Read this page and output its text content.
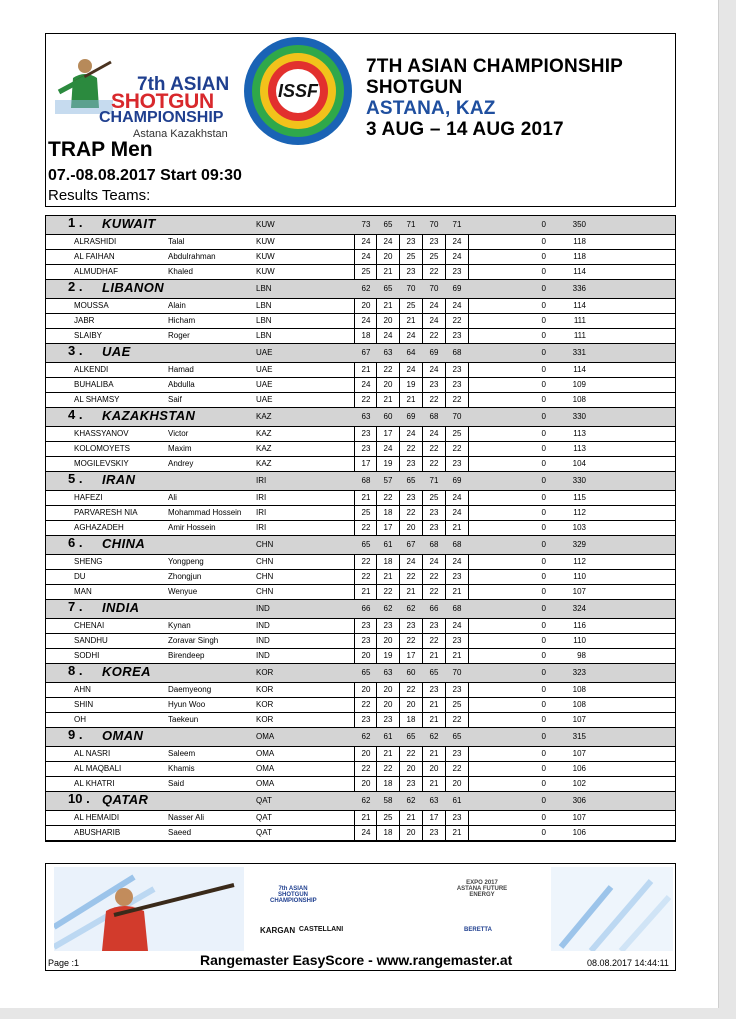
7th ASIAN
SHOTGUN
CHAMPIONSHIP
Astana Kazakhstan
ISSF
7TH ASIAN CHAMPIONSHIP
SHOTGUN
ASTANA, KAZ
3 AUG – 14 AUG 2017
TRAP Men
07.-08.08.2017 Start 09:30
Results Teams:
1 . KUWAIT	KUW	73	65	71	70	71	0	350
ALRASHIDI	Talal	KUW	24	24	23	23	24	0	118
AL FAIHAN	Abdulrahman	KUW	24	20	25	25	24	0	118
ALMUDHAF	Khaled	KUW	25	21	23	22	23	0	114
2 . LIBANON	LBN	62	65	70	70	69	0	336
MOUSSA	Alain	LBN	20	21	25	24	24	0	114
JABR	Hicham	LBN	24	20	21	24	22	0	111
SLAIBY	Roger	LBN	18	24	24	22	23	0	111
3 . UAE	UAE	67	63	64	69	68	0	331
ALKENDI	Hamad	UAE	21	22	24	24	23	0	114
BUHALIBA	Abdulla	UAE	24	20	19	23	23	0	109
AL SHAMSY	Saif	UAE	22	21	21	22	22	0	108
4 . KAZAKHSTAN	KAZ	63	60	69	68	70	0	330
KHASSYANOV	Victor	KAZ	23	17	24	24	25	0	113
KOLOMOYETS	Maxim	KAZ	23	24	22	22	22	0	113
MOGILEVSKIY	Andrey	KAZ	17	19	23	22	23	0	104
5 . IRAN	IRI	68	57	65	71	69	0	330
HAFEZI	Ali	IRI	21	22	23	25	24	0	115
PARVARESH NIA	Mohammad Hossein IRI	25	18	22	23	24	0	112
AGHAZADEH	Amir Hossein	IRI	22	17	20	23	21	0	103
6 . CHINA	CHN	65	61	67	68	68	0	329
SHENG	Yongpeng	CHN	22	18	24	24	24	0	112
DU	Zhongjun	CHN	22	21	22	22	23	0	110
MAN	Wenyue	CHN	21	22	21	22	21	0	107
7 . INDIA	IND	66	62	62	66	68	0	324
CHENAI	Kynan	IND	23	23	23	23	24	0	116
SANDHU	Zoravar Singh	IND	23	20	22	22	23	0	110
SODHI	Birendeep	IND	20	19	17	21	21	0	98
8 . KOREA	KOR	65	63	60	65	70	0	323
AHN	Daemyeong	KOR	20	20	22	23	23	0	108
SHIN	Hyun Woo	KOR	22	20	20	21	25	0	108
OH	Taekeun	KOR	23	23	18	21	22	0	107
9 . OMAN	OMA	62	61	65	62	65	0	315
AL NASRI	Saleem	OMA	20	21	22	21	23	0	107
AL MAQBALI	Khamis	OMA	22	22	20	20	22	0	106
AL KHATRI	Said	OMA	20	18	23	21	20	0	102
10 . QATAR	QAT	62	58	62	63	61	0	306
AL HEMAIDI	Nasser Ali	QAT	21	25	21	17	23	0	107
ABUSHARIB	Saeed	QAT	24	18	20	23	21	0	106
7th ASIAN SHOTGUN CHAMPIONSHIP
EXPO 2017 ASTANA FUTURE ENERGY
KARGAN CASTELLANI	BERETTA
Page :1	Rangemaster EasyScore - www.rangemaster.at	08.08.2017 14:44:11
